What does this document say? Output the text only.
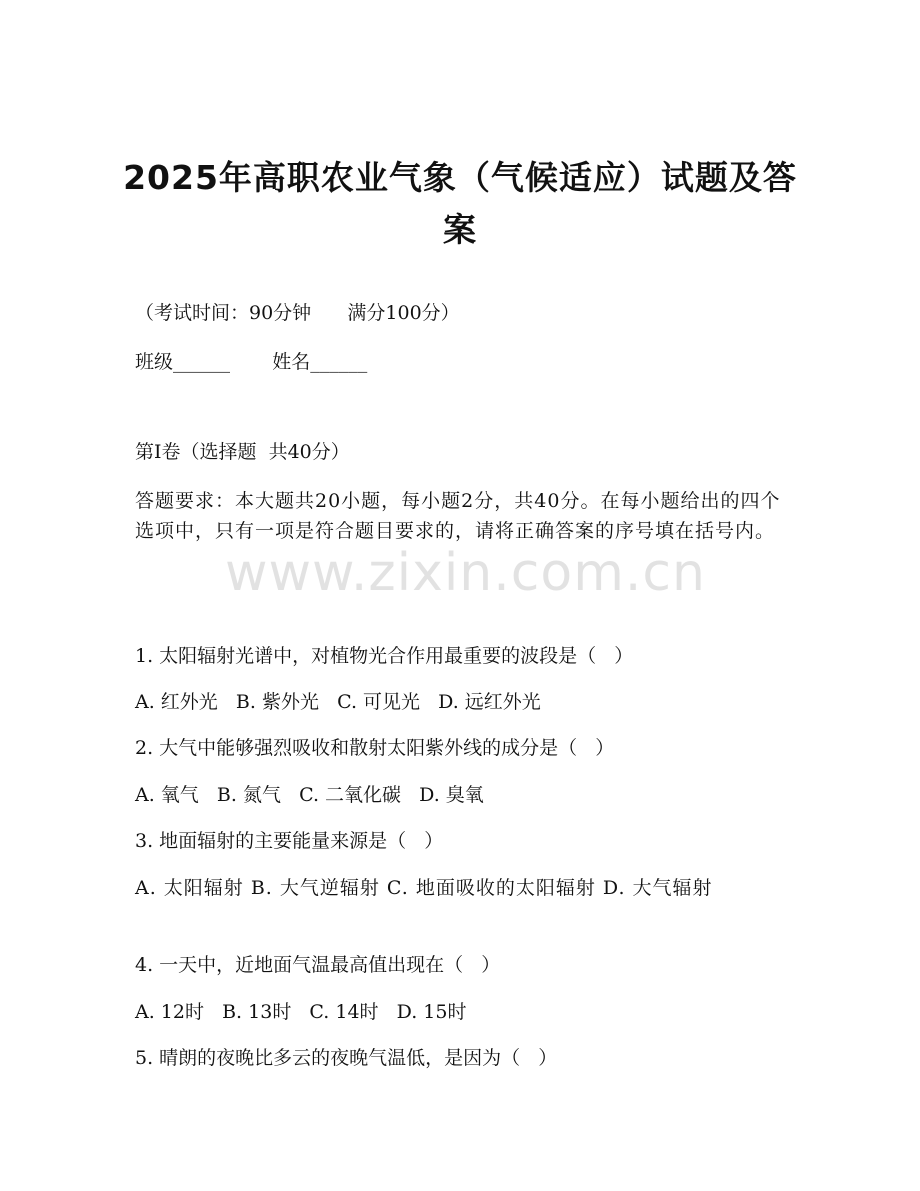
2025年高职农业气象（气候适应）试题及答案
（考试时间：90分钟      满分100分）
班级______       姓名______
第Ⅰ卷（选择题  共40分）
答题要求：本大题共20小题，每小题2分，共40分。在每小题给出的四个选项中，只有一项是符合题目要求的，请将正确答案的序号填在括号内。
www.zixin.com.cn
1. 太阳辐射光谱中，对植物光合作用最重要的波段是（   ）
A. 红外光   B. 紫外光   C. 可见光   D. 远红外光
2. 大气中能够强烈吸收和散射太阳紫外线的成分是（   ）
A. 氧气   B. 氮气   C. 二氧化碳   D. 臭氧
3. 地面辐射的主要能量来源是（   ）
A. 太阳辐射 B. 大气逆辐射 C. 地面吸收的太阳辐射 D. 大气辐射
4. 一天中，近地面气温最高值出现在（   ）
A. 12时   B. 13时   C. 14时   D. 15时
5. 晴朗的夜晚比多云的夜晚气温低，是因为（   ）
